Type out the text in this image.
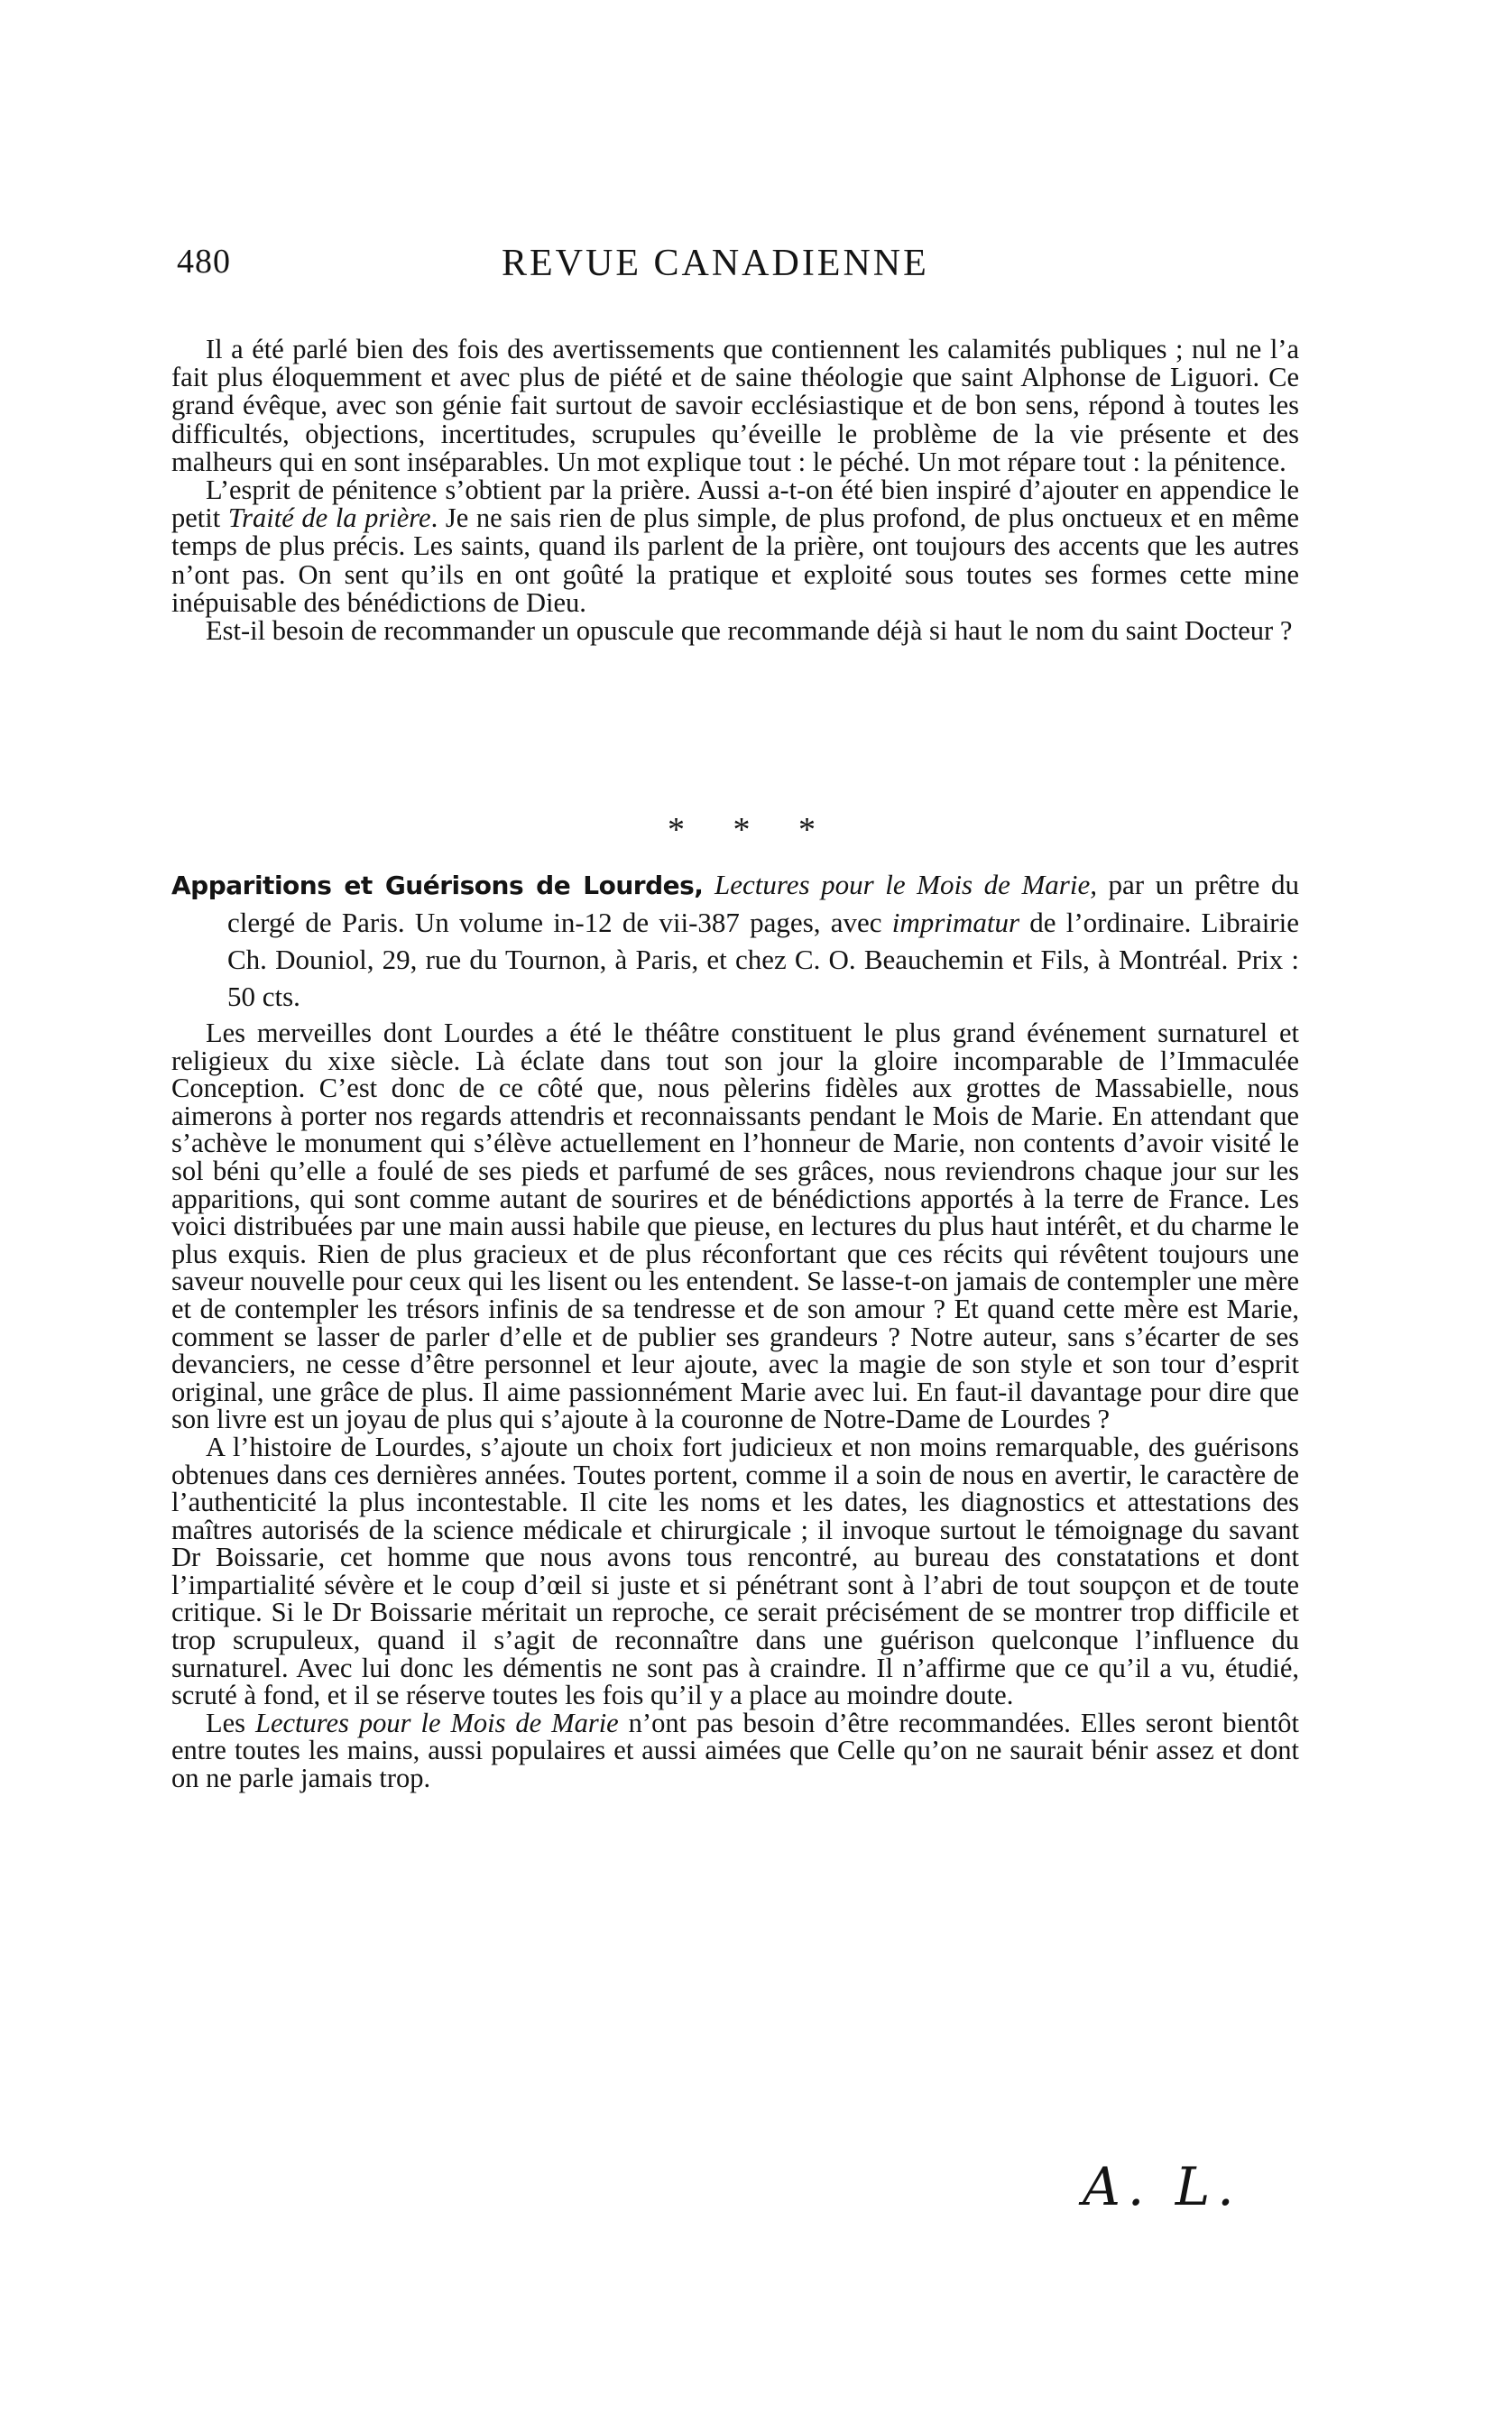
480	REVUE CANADIENNE

Il a été parlé bien des fois des avertissements que contiennent les calamités publiques ; nul ne l’a fait plus éloquemment et avec plus de piété et de saine théologie que saint Alphonse de Liguori. Ce grand évêque, avec son génie fait surtout de savoir ecclésiastique et de bon sens, répond à toutes les difficultés, objections, incertitudes, scrupules qu’éveille le problème de la vie présente et des malheurs qui en sont inséparables. Un mot explique tout : le péché. Un mot répare tout : la pénitence.

L’esprit de pénitence s’obtient par la prière. Aussi a-t-on été bien inspiré d’ajouter en appendice le petit Traité de la prière. Je ne sais rien de plus simple, de plus profond, de plus onctueux et en même temps de plus précis. Les saints, quand ils parlent de la prière, ont toujours des accents que les autres n’ont pas. On sent qu’ils en ont goûté la pratique et exploité sous toutes ses formes cette mine inépuisable des bénédictions de Dieu.

Est-il besoin de recommander un opuscule que recommande déjà si haut le nom du saint Docteur ?

* * *

Apparitions et Guérisons de Lourdes, Lectures pour le Mois de Marie, par un prêtre du clergé de Paris. Un volume in-12 de vii-387 pages, avec imprimatur de l’ordinaire. Librairie Ch. Douniol, 29, rue du Tournon, à Paris, et chez C. O. Beauchemin et Fils, à Montréal. Prix : 50 cts.

Les merveilles dont Lourdes a été le théâtre constituent le plus grand événement surnaturel et religieux du xixe siècle. Là éclate dans tout son jour la gloire incomparable de l’Immaculée Conception. C’est donc de ce côté que, nous pèlerins fidèles aux grottes de Massabielle, nous aimerons à porter nos regards attendris et reconnaissants pendant le Mois de Marie. En attendant que s’achève le monument qui s’élève actuellement en l’honneur de Marie, non contents d’avoir visité le sol béni qu’elle a foulé de ses pieds et parfumé de ses grâces, nous reviendrons chaque jour sur les apparitions, qui sont comme autant de sourires et de bénédictions apportés à la terre de France. Les voici distribuées par une main aussi habile que pieuse, en lectures du plus haut intérêt, et du charme le plus exquis. Rien de plus gracieux et de plus réconfortant que ces récits qui révêtent toujours une saveur nouvelle pour ceux qui les lisent ou les entendent. Se lasse-t-on jamais de contempler une mère et de contempler les trésors infinis de sa tendresse et de son amour ? Et quand cette mère est Marie, comment se lasser de parler d’elle et de publier ses grandeurs ? Notre auteur, sans s’écarter de ses devanciers, ne cesse d’être personnel et leur ajoute, avec la magie de son style et son tour d’esprit original, une grâce de plus. Il aime passionnément Marie avec lui. En faut-il davantage pour dire que son livre est un joyau de plus qui s’ajoute à la couronne de Notre-Dame de Lourdes ?

A l’histoire de Lourdes, s’ajoute un choix fort judicieux et non moins remarquable, des guérisons obtenues dans ces dernières années. Toutes portent, comme il a soin de nous en avertir, le caractère de l’authenticité la plus incontestable. Il cite les noms et les dates, les diagnostics et attestations des maîtres autorisés de la science médicale et chirurgicale ; il invoque surtout le témoignage du savant Dr Boissarie, cet homme que nous avons tous rencontré, au bureau des constatations et dont l’impartialité sévère et le coup d’œil si juste et si pénétrant sont à l’abri de tout soupçon et de toute critique. Si le Dr Boissarie méritait un reproche, ce serait précisément de se montrer trop difficile et trop scrupuleux, quand il s’agit de reconnaître dans une guérison quelconque l’influence du surnaturel. Avec lui donc les démentis ne sont pas à craindre. Il n’affirme que ce qu’il a vu, étudié, scruté à fond, et il se réserve toutes les fois qu’il y a place au moindre doute.

Les Lectures pour le Mois de Marie n’ont pas besoin d’être recommandées. Elles seront bientôt entre toutes les mains, aussi populaires et aussi aimées que Celle qu’on ne saurait bénir assez et dont on ne parle jamais trop.

A. L.
